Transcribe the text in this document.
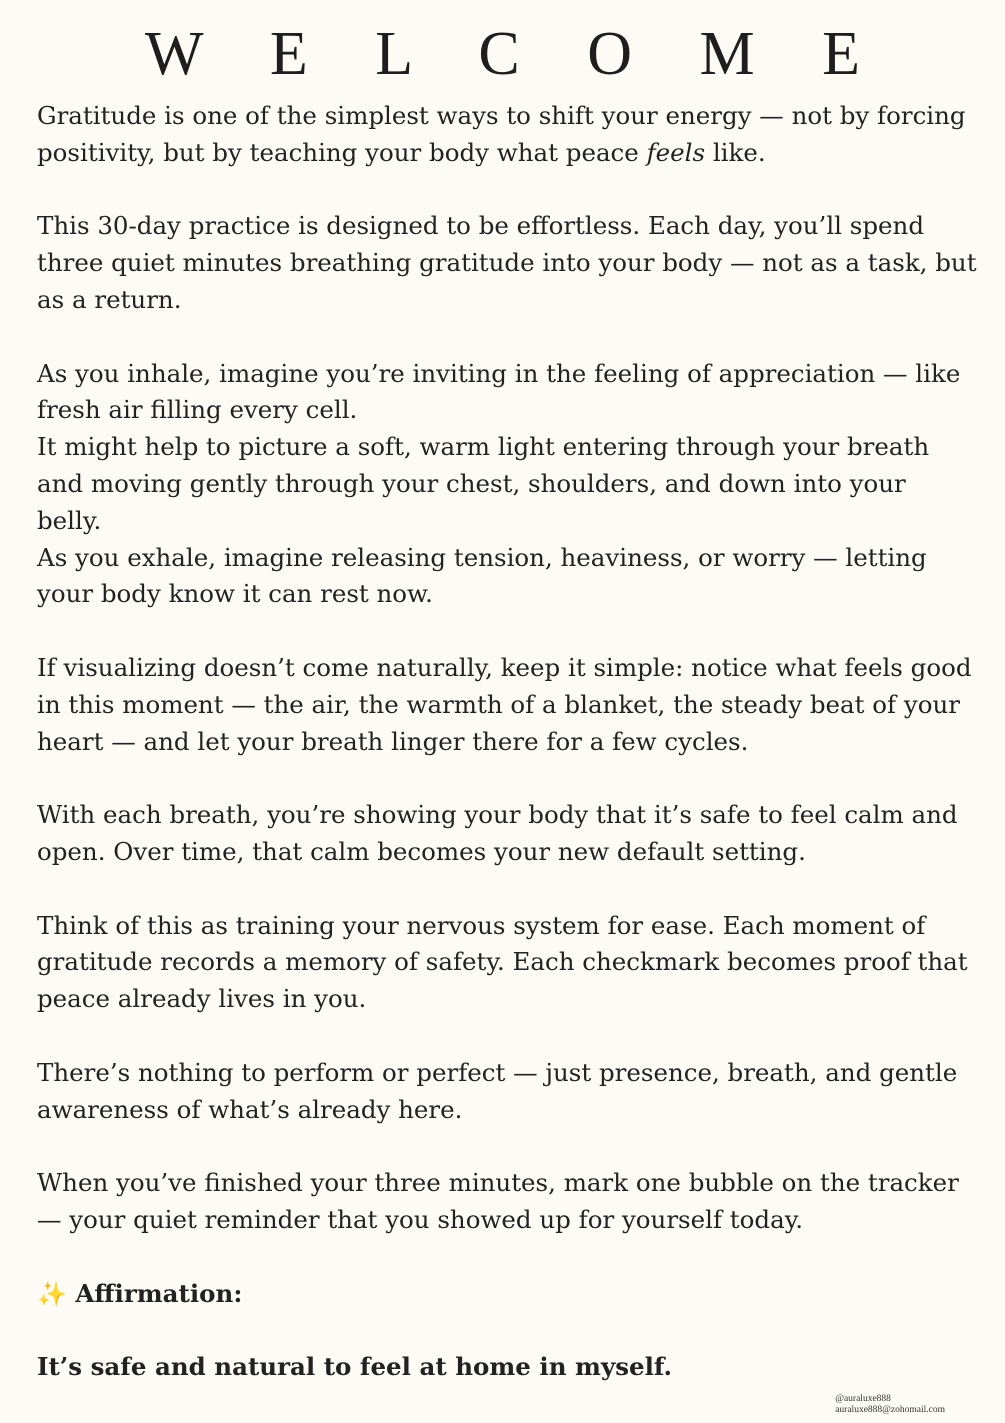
W E L C O M E

Gratitude is one of the simplest ways to shift your energy — not by forcing positivity, but by teaching your body what peace feels like.

This 30-day practice is designed to be effortless. Each day, you’ll spend three quiet minutes breathing gratitude into your body — not as a task, but as a return.

As you inhale, imagine you’re inviting in the feeling of appreciation — like fresh air filling every cell.

It might help to picture a soft, warm light entering through your breath and moving gently through your chest, shoulders, and down into your belly.

As you exhale, imagine releasing tension, heaviness, or worry — letting your body know it can rest now.

If visualizing doesn’t come naturally, keep it simple: notice what feels good in this moment — the air, the warmth of a blanket, the steady beat of your heart — and let your breath linger there for a few cycles.

With each breath, you’re showing your body that it’s safe to feel calm and open. Over time, that calm becomes your new default setting.

Think of this as training your nervous system for ease. Each moment of gratitude records a memory of safety. Each checkmark becomes proof that peace already lives in you.

There’s nothing to perform or perfect — just presence, breath, and gentle awareness of what’s already here.

When you’ve finished your three minutes, mark one bubble on the tracker — your quiet reminder that you showed up for yourself today.

✨ Affirmation:

It’s safe and natural to feel at home in myself.

@auraluxe888
auraluxe888@zohomail.com
